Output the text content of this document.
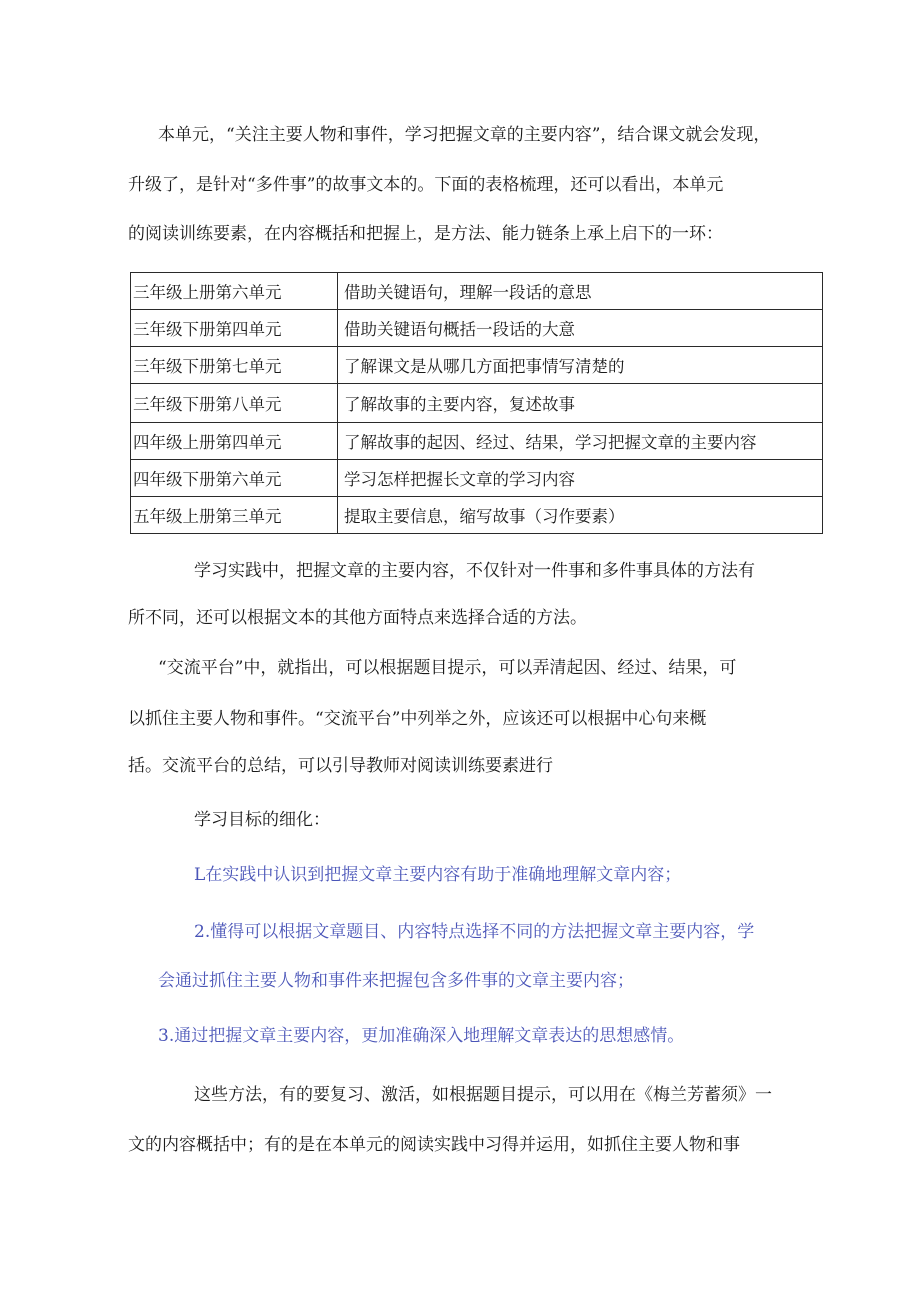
本单元，“关注主要人物和事件，学习把握文章的主要内容”，结合课文就会发现，
升级了，是针对“多件事”的故事文本的。下面的表格梳理，还可以看出，本单元
的阅读训练要素，在内容概括和把握上，是方法、能力链条上承上启下的一环：
三年级上册第六单元	借助关键语句，理解一段话的意思
三年级下册第四单元	借助关键语句概括一段话的大意
三年级下册第七单元	了解课文是从哪几方面把事情写清楚的
三年级下册第八单元	了解故事的主要内容，复述故事
四年级上册第四单元	了解故事的起因、经过、结果，学习把握文章的主要内容
四年级下册第六单元	学习怎样把握长文章的学习内容
五年级上册第三单元	提取主要信息，缩写故事（习作要素）
学习实践中，把握文章的主要内容，不仅针对一件事和多件事具体的方法有
所不同，还可以根据文本的其他方面特点来选择合适的方法。
“交流平台”中，就指出，可以根据题目提示，可以弄清起因、经过、结果，可
以抓住主要人物和事件。“交流平台”中列举之外，应该还可以根据中心句来概
括。交流平台的总结，可以引导教师对阅读训练要素进行
学习目标的细化：
L在实践中认识到把握文章主要内容有助于准确地理解文章内容；
2.懂得可以根据文章题目、内容特点选择不同的方法把握文章主要内容，学
会通过抓住主要人物和事件来把握包含多件事的文章主要内容；
3.通过把握文章主要内容，更加准确深入地理解文章表达的思想感情。
这些方法，有的要复习、激活，如根据题目提示，可以用在《梅兰芳蓄须》一
文的内容概括中；有的是在本单元的阅读实践中习得并运用，如抓住主要人物和事
